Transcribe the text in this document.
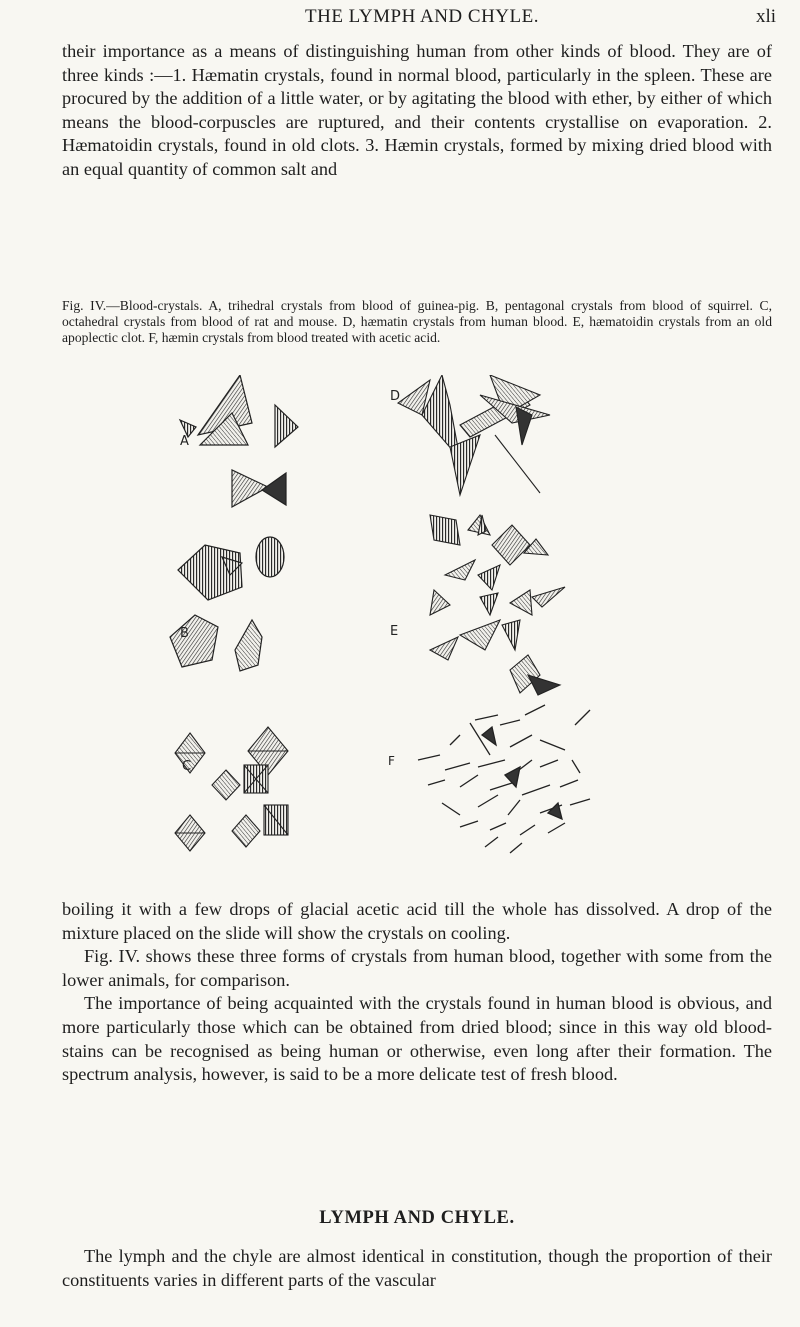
THE LYMPH AND CHYLE.	xli

their importance as a means of distinguishing human from other kinds of blood. They are of three kinds :—1. Hæmatin crystals, found in normal blood, particularly in the spleen. These are procured by the addition of a little water, or by agitating the blood with ether, by either of which means the blood-corpuscles are ruptured, and their contents crystallise on evaporation. 2. Hæmatoidin crystals, found in old clots. 3. Hæmin crystals, formed by mixing dried blood with an equal quantity of common salt and

Fig. IV.—Blood-crystals. A, trihedral crystals from blood of guinea-pig. B, pentagonal crystals from blood of squirrel. C, octahedral crystals from blood of rat and mouse. D, hæmatin crystals from human blood. E, hæmatoidin crystals from an old apoplectic clot. F, hæmin crystals from blood treated with acetic acid.

A
B
C
D
E
F

boiling it with a few drops of glacial acetic acid till the whole has dissolved. A drop of the mixture placed on the slide will show the crystals on cooling.
Fig. IV. shows these three forms of crystals from human blood, together with some from the lower animals, for comparison.
The importance of being acquainted with the crystals found in human blood is obvious, and more particularly those which can be obtained from dried blood; since in this way old blood-stains can be recognised as being human or otherwise, even long after their formation. The spectrum analysis, however, is said to be a more delicate test of fresh blood.

LYMPH AND CHYLE.

The lymph and the chyle are almost identical in constitution, though the proportion of their constituents varies in different parts of the vascular
